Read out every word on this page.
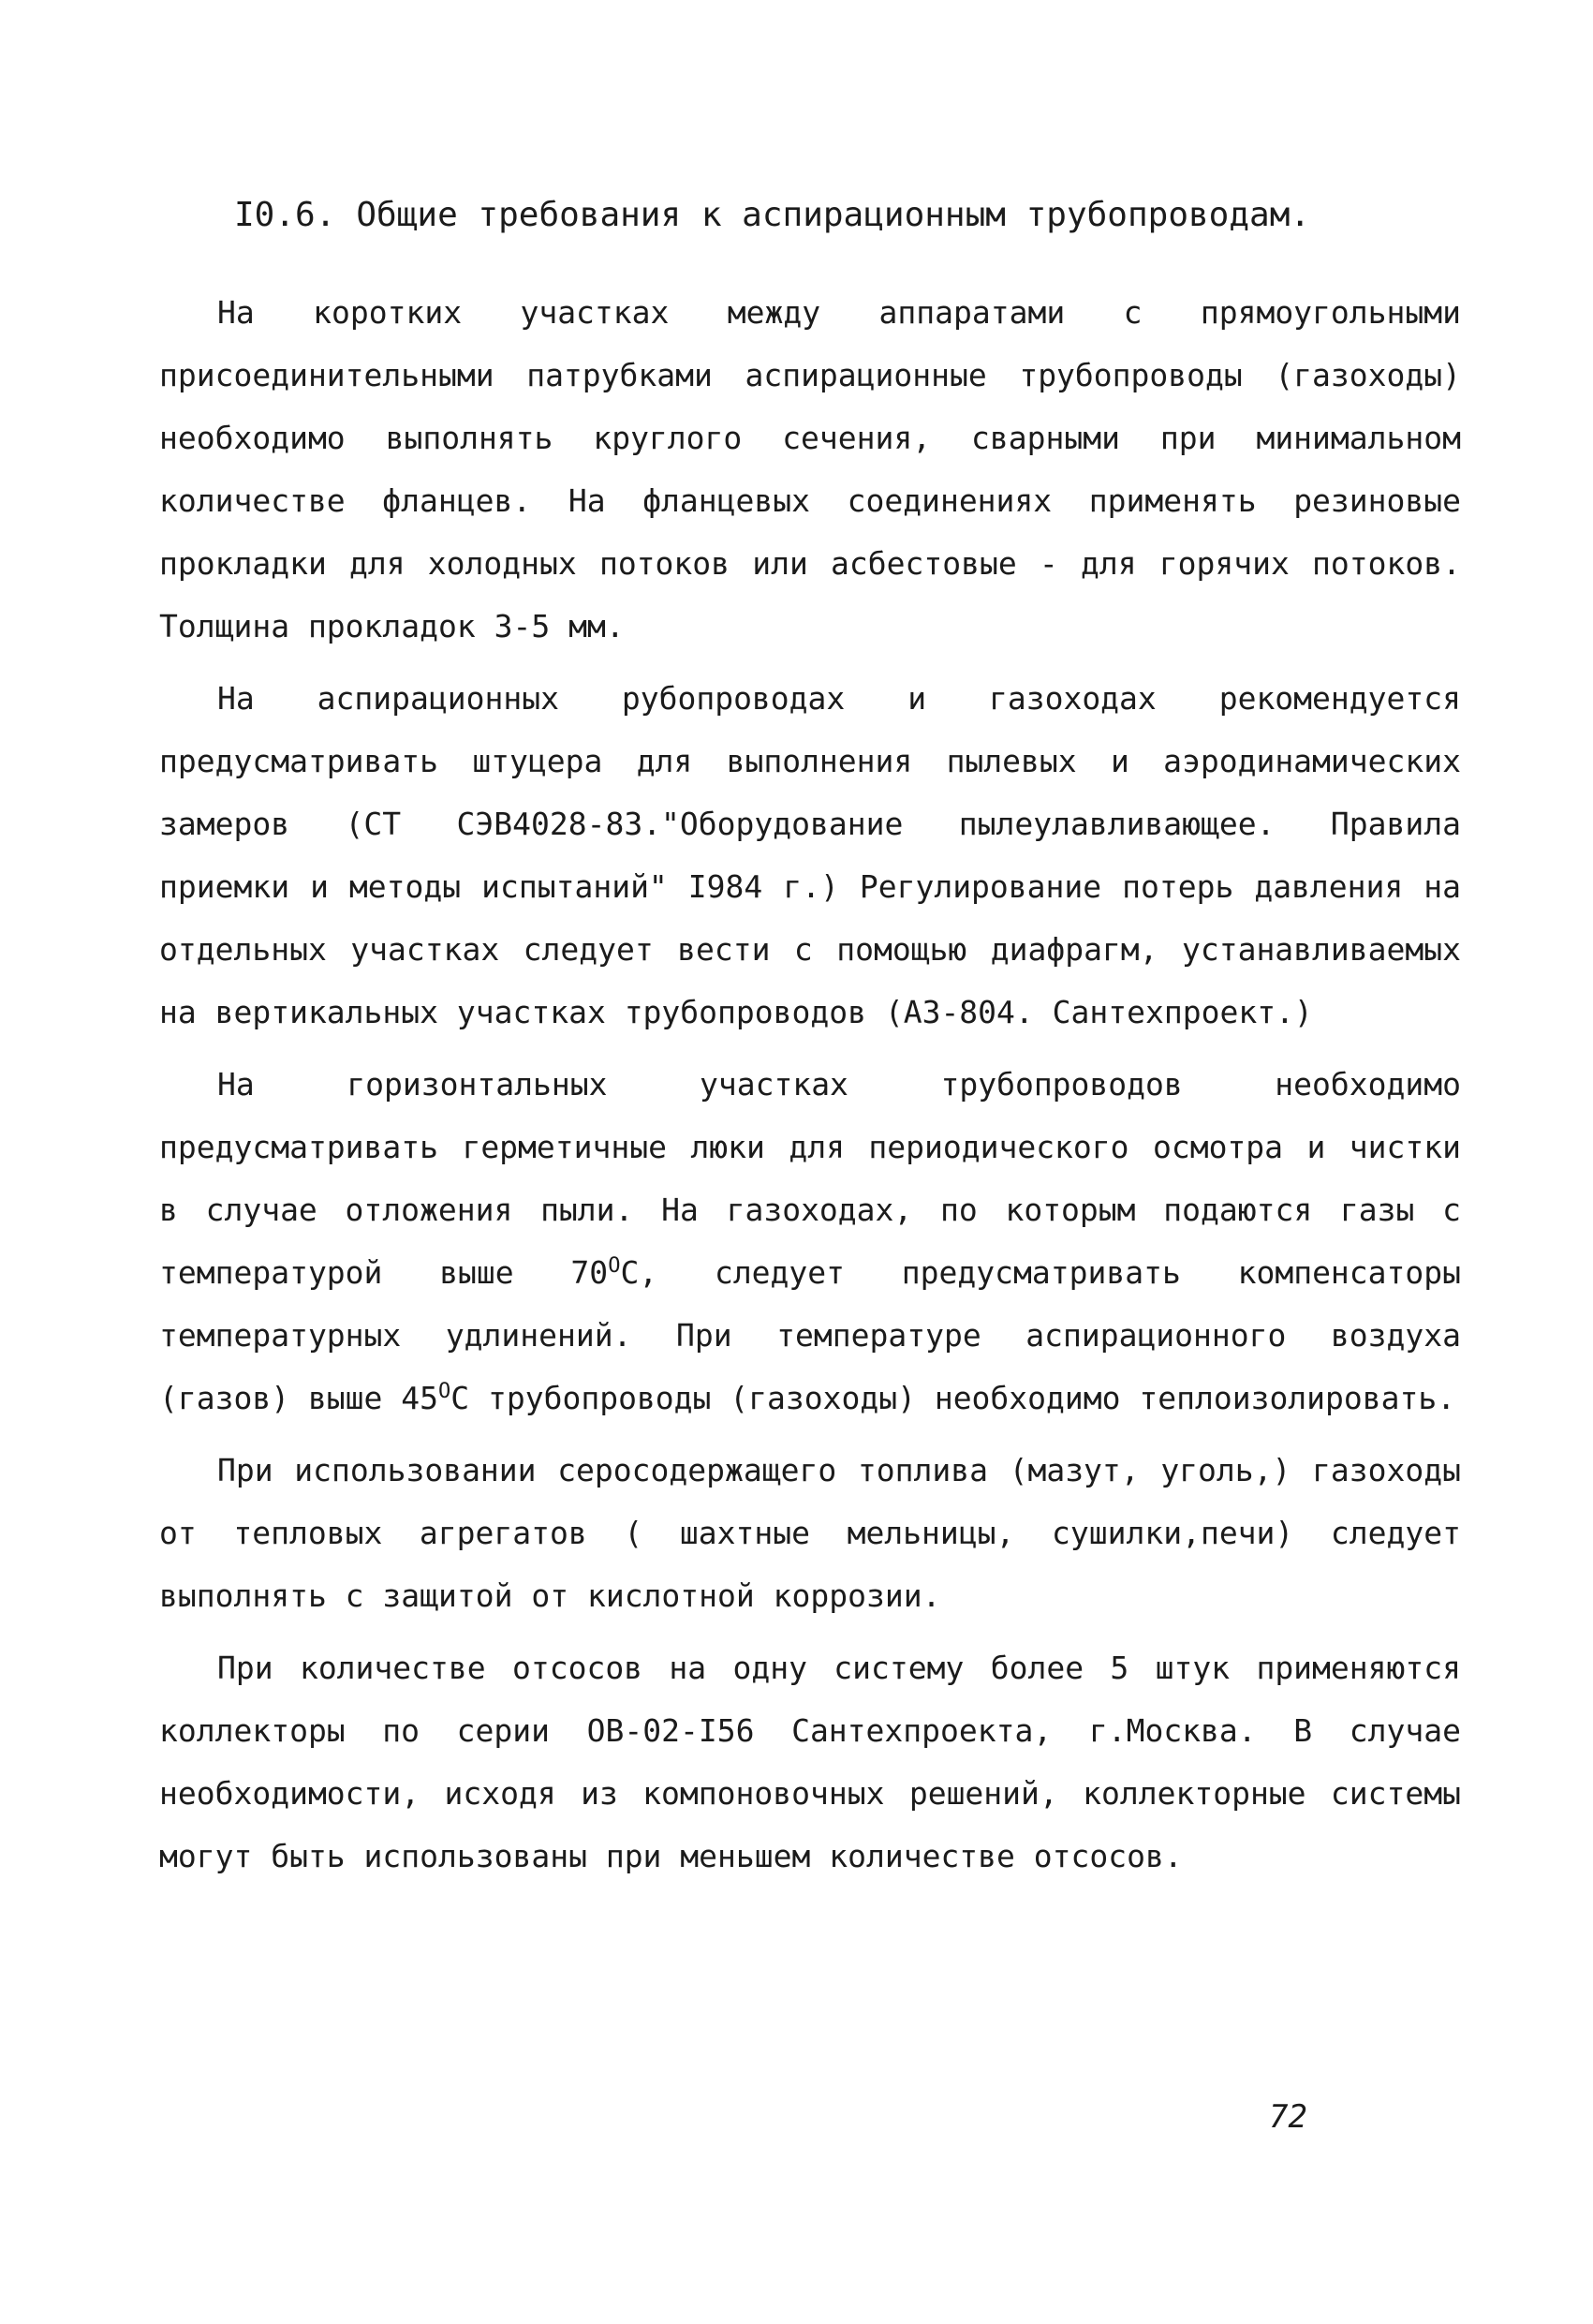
I0.6. Общие требования к аспирационным трубопроводам.

На коротких участках между аппаратами с прямоугольными присоединительными патрубками аспирационные трубопроводы (газоходы) необходимо выполнять круглого сечения, сварными при минимальном количестве фланцев. На фланцевых соединениях применять резиновые прокладки для холодных потоков или асбестовые - для горячих потоков. Толщина прокладок 3-5 мм.

На аспирационных рубопроводах и газоходах рекомендуется предусматривать штуцера для выполнения пылевых и аэродинамических замеров (СТ СЭВ4028-83."Оборудование пылеулавливающее. Правила приемки и методы испытаний" I984 г.) Регулирование потерь давления на отдельных участках следует вести с помощью диафрагм, устанавливаемых на вертикальных участках трубопроводов (АЗ-804. Сантехпроект.)

На горизонтальных участках трубопроводов необходимо предусматривать герметичные люки для периодического осмотра и чистки в случае отложения пыли. На газоходах, по которым подаются газы с температурой выше $70^OС$, следует предусматривать компенсаторы температурных удлинений. При температуре аспирационного воздуха (газов) выше $45^OС$ трубопроводы (газоходы) необходимо теплоизолировать.

При использовании серосодержащего топлива (мазут, уголь,) газоходы от тепловых агрегатов ( шахтные мельницы, сушилки,печи) следует выполнять с защитой от кислотной коррозии.

При количестве отсосов на одну систему более 5 штук применяются коллекторы по серии ОВ-02-I56 Сантехпроекта, г.Москва. В случае необходимости, исходя из компоновочных решений, коллекторные системы могут быть использованы при меньшем количестве отсосов.

72
